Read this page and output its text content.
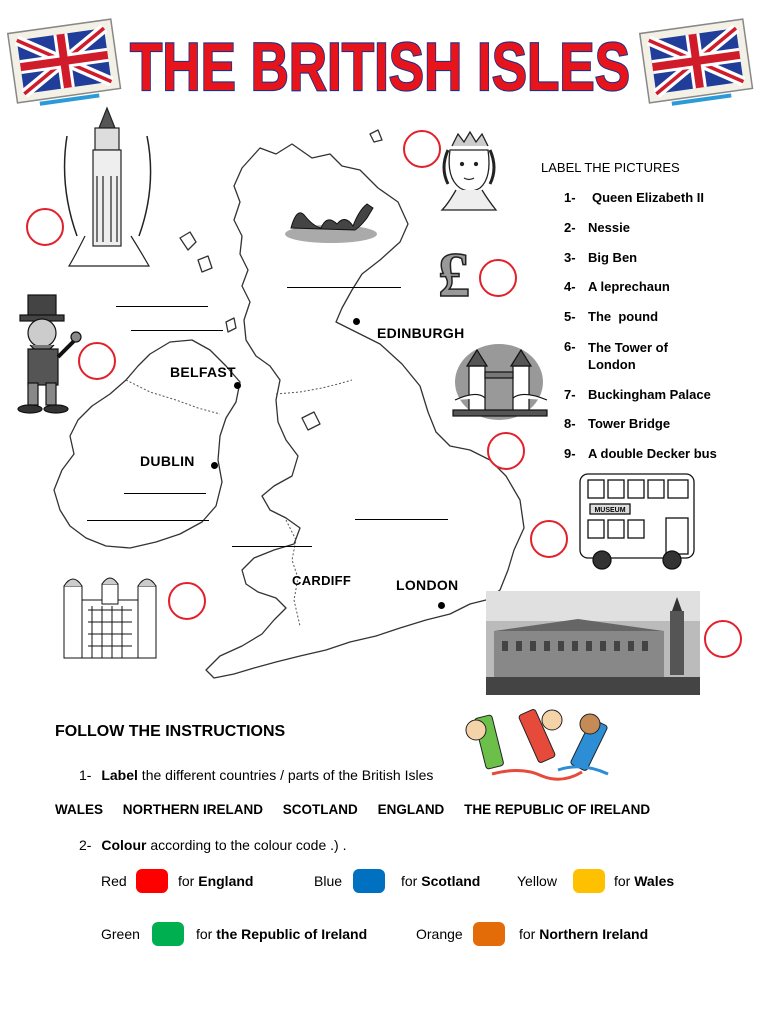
THE BRITISH ISLES
EDINBURGH
BELFAST
DUBLIN
CARDIFF	LONDON
£
MUSEUM
LABEL THE PICTURES
1- Queen Elizabeth II
2- Nessie
3- Big Ben
4- A leprechaun
5- The  pound
6- The Tower of London
7- Buckingham Palace
8- Tower Bridge
9- A double Decker bus
FOLLOW THE INSTRUCTIONS
1- Label the different countries / parts of the British Isles
WALES NORTHERN IRELAND SCOTLAND ENGLAND THE REPUBLIC OF IRELAND
2- Colour according to the colour code .) .
Red	for England	Blue	for Scotland	Yellow	for Wales
Green	for the Republic of Ireland	Orange	for Northern Ireland
